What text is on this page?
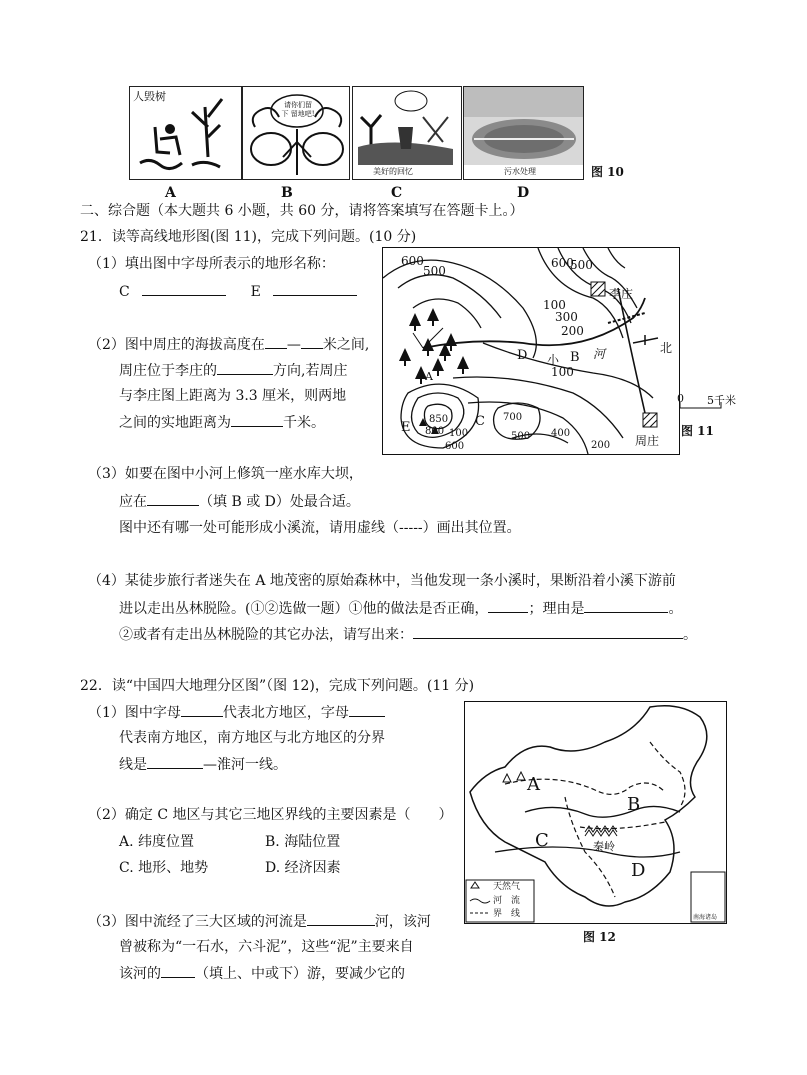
人毁树
A
请你们留下 留地吧!
B
美好的回忆
C
污水处理
D
图 10
二、综合题（本大题共 6 小题，共 60 分，请将答案填写在答题卡上。）
21．读等高线地形图(图 11)，完成下列问题。(10 分)
（1）填出图中字母所表示的地形名称：
C	E
（2）图中周庄的海拔高度在 — 米之间,
周庄位于李庄的	方向,若周庄
与李庄图上距离为 3.3 厘米，则两地
之间的实地距离为	千米。
（3）如要在图中小河上修筑一座水库大坝，
应在	（填 B 或 D）处最合适。
图中还有哪一处可能形成小溪流，请用虚线（-----）画出其位置。
（4）某徒步旅行者迷失在 A 地茂密的原始森林中，当他发现一条小溪时，果断沿着小溪下游前
进以走出丛林脱险。(①②选做一题）①他的做法是否正确，	；理由是	。
②或者有走出丛林脱险的其它办法，请写出来：	。
600
500
600
500
100
300
200
100
D 小 B 河
A
E
850
800 100
600
C 700
500 400
200
李庄
周庄
北
0 5千米
图 11
22．读“中国四大地理分区图”（图 12)，完成下列问题。(11 分)
（1）图中字母	代表北方地区，字母
代表南方地区，南方地区与北方地区的分界
线是	—淮河一线。
（2）确定 C 地区与其它三地区界线的主要因素是（　　）
A. 纬度位置	B. 海陆位置
C. 地形、地势	D. 经济因素
（3）图中流经了三大区域的河流是	河，该河
曾被称为“一石水，六斗泥”，这些“泥”主要来自
该河的 （填上、中或下）游，要减少它的
A
B
C
D
秦岭
天然气
河　流
界　线	南海诸岛
图 12
